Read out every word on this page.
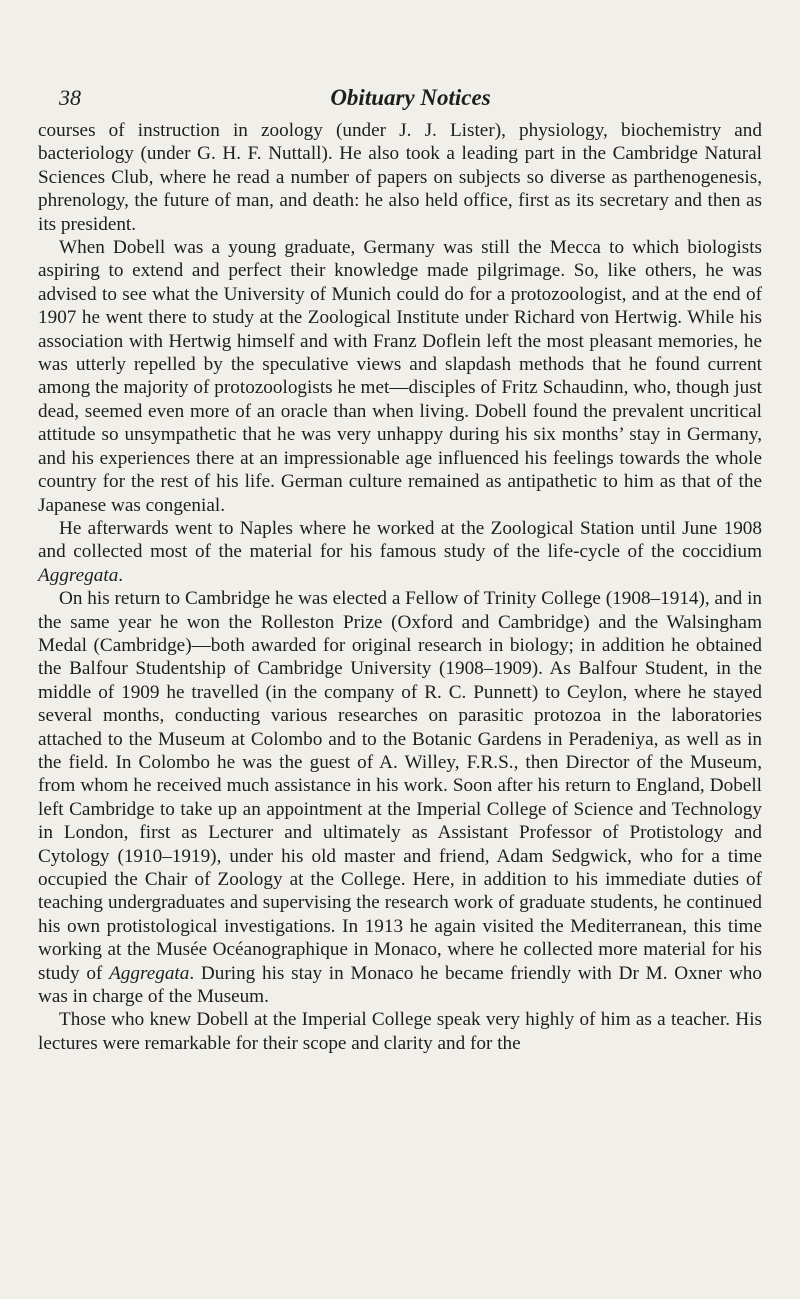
38	Obituary Notices

courses of instruction in zoology (under J. J. Lister), physiology, biochemistry and bacteriology (under G. H. F. Nuttall). He also took a leading part in the Cambridge Natural Sciences Club, where he read a number of papers on subjects so diverse as parthenogenesis, phrenology, the future of man, and death: he also held office, first as its secretary and then as its president.

When Dobell was a young graduate, Germany was still the Mecca to which biologists aspiring to extend and perfect their knowledge made pilgrimage. So, like others, he was advised to see what the University of Munich could do for a protozoologist, and at the end of 1907 he went there to study at the Zoological Institute under Richard von Hertwig. While his association with Hertwig himself and with Franz Doflein left the most pleasant memories, he was utterly repelled by the speculative views and slapdash methods that he found current among the majority of protozoologists he met—disciples of Fritz Schaudinn, who, though just dead, seemed even more of an oracle than when living. Dobell found the prevalent uncritical attitude so unsympathetic that he was very unhappy during his six months’ stay in Germany, and his experiences there at an impressionable age influenced his feelings towards the whole country for the rest of his life. German culture remained as antipathetic to him as that of the Japanese was congenial.

He afterwards went to Naples where he worked at the Zoological Station until June 1908 and collected most of the material for his famous study of the life-cycle of the coccidium Aggregata.

On his return to Cambridge he was elected a Fellow of Trinity College (1908–1914), and in the same year he won the Rolleston Prize (Oxford and Cambridge) and the Walsingham Medal (Cambridge)—both awarded for original research in biology; in addition he obtained the Balfour Studentship of Cambridge University (1908–1909). As Balfour Student, in the middle of 1909 he travelled (in the company of R. C. Punnett) to Ceylon, where he stayed several months, conducting various researches on parasitic protozoa in the laboratories attached to the Museum at Colombo and to the Botanic Gardens in Peradeniya, as well as in the field. In Colombo he was the guest of A. Willey, F.R.S., then Director of the Museum, from whom he received much assistance in his work. Soon after his return to England, Dobell left Cambridge to take up an appointment at the Imperial College of Science and Technology in London, first as Lecturer and ultimately as Assistant Professor of Protistology and Cytology (1910–1919), under his old master and friend, Adam Sedgwick, who for a time occupied the Chair of Zoology at the College. Here, in addition to his immediate duties of teaching undergraduates and supervising the research work of graduate students, he continued his own protistological investigations. In 1913 he again visited the Mediterranean, this time working at the Musée Océanographique in Monaco, where he collected more material for his study of Aggregata. During his stay in Monaco he became friendly with Dr M. Oxner who was in charge of the Museum.

Those who knew Dobell at the Imperial College speak very highly of him as a teacher. His lectures were remarkable for their scope and clarity and for the
